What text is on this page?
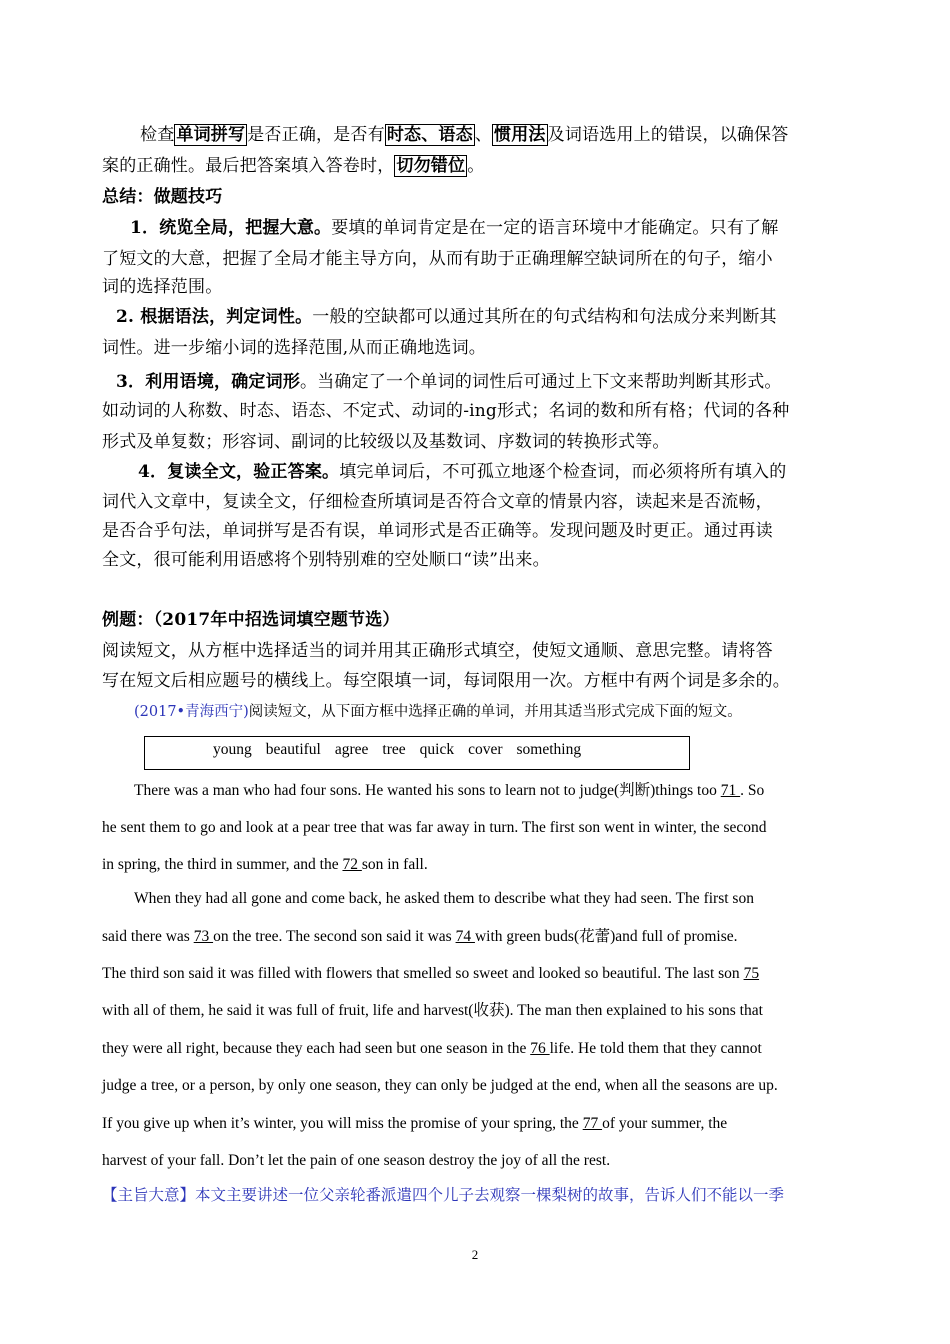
检查 单词拼写 是否正确，是否有 时态、语态 、 惯用法 及词语选用上的错误，以确保答
案的正确性。最后把答案填入答卷时， 切勿错位 。
总结：做题技巧
1．统览全局，把握大意。要填的单词肯定是在一定的语言环境中才能确定。只有了解
了短文的大意，把握了全局才能主导方向，从而有助于正确理解空缺词所在的句子，缩小
词的选择范围。
2. 根据语法，判定词性。一般的空缺都可以通过其所在的句式结构和句法成分来判断其
词性。进一步缩小词的选择范围,从而正确地选词。
3．利用语境，确定词形。当确定了一个单词的词性后可通过上下文来帮助判断其形式。
如动词的人称数、时态、语态、不定式、动词的-ing形式；名词的数和所有格；代词的各种
形式及单复数；形容词、副词的比较级以及基数词、序数词的转换形式等。
4．复读全文，验正答案。填完单词后，不可孤立地逐个检查词，而必须将所有填入的
词代入文章中，复读全文，仔细检查所填词是否符合文章的情景内容，读起来是否流畅，
是否合乎句法，单词拼写是否有误，单词形式是否正确等。发现问题及时更正。通过再读
全文，很可能利用语感将个别特别难的空处顺口“读”出来。
例题：（2017年中招选词填空题节选）
阅读短文，从方框中选择适当的词并用其正确形式填空，使短文通顺、意思完整。请将答
写在短文后相应题号的横线上。每空限填一词，每词限用一次。方框中有两个词是多余的。
(2017•青海西宁)阅读短文，从下面方框中选择正确的单词，并用其适当形式完成下面的短文。
young beautiful agree tree quick cover something
There was a man who had four sons. He wanted his sons to learn not to judge(判断)things too 71 . So
he sent them to go and look at a pear tree that was far away in turn. The first son went in winter, the second
in spring, the third in summer, and the 72 son in fall.
When they had all gone and come back, he asked them to describe what they had seen. The first son
said there was 73 on the tree. The second son said it was 74 with green buds(花蕾)and full of promise.
The third son said it was filled with flowers that smelled so sweet and looked so beautiful. The last son 75
with all of them, he said it was full of fruit, life and harvest(收获). The man then explained to his sons that
they were all right, because they each had seen but one season in the 76 life. He told them that they cannot
judge a tree, or a person, by only one season, they can only be judged at the end, when all the seasons are up.
If you give up when it’s winter, you will miss the promise of your spring, the 77 of your summer, the
harvest of your fall. Don’t let the pain of one season destroy the joy of all the rest.
【主旨大意】本文主要讲述一位父亲轮番派遣四个儿子去观察一棵梨树的故事，告诉人们不能以一季
2
